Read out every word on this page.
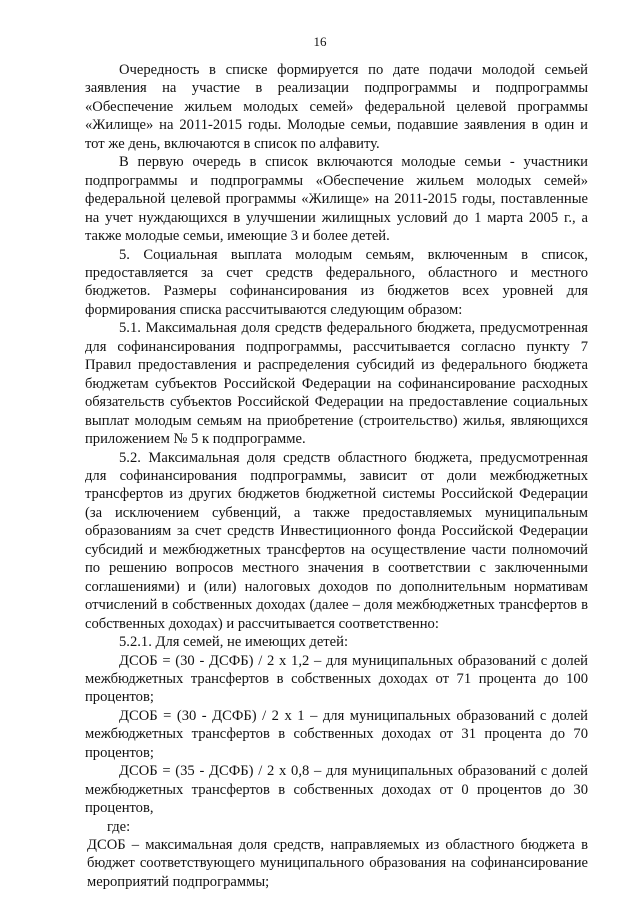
16

Очередность в списке формируется по дате подачи молодой семьей заявления на участие в реализации подпрограммы и подпрограммы «Обеспечение жильем молодых семей» федеральной целевой программы «Жилище» на 2011-2015 годы. Молодые семьи, подавшие заявления в один и тот же день, включаются в список по алфавиту.

В первую очередь в список включаются молодые семьи - участники подпрограммы и подпрограммы «Обеспечение жильем молодых семей» федеральной целевой программы «Жилище» на 2011-2015 годы, поставленные на учет нуждающихся в улучшении жилищных условий до 1 марта 2005 г., а также молодые семьи, имеющие 3 и более детей.

5. Социальная выплата молодым семьям, включенным в список, предоставляется за счет средств федерального, областного и местного бюджетов. Размеры софинансирования из бюджетов всех уровней для формирования списка рассчитываются следующим образом:

5.1. Максимальная доля средств федерального бюджета, предусмотренная для софинансирования подпрограммы, рассчитывается согласно пункту 7 Правил предоставления и распределения субсидий из федерального бюджета бюджетам субъектов Российской Федерации на софинансирование расходных обязательств субъектов Российской Федерации на предоставление социальных выплат молодым семьям на приобретение (строительство) жилья, являющихся приложением № 5 к подпрограмме.

5.2. Максимальная доля средств областного бюджета, предусмотренная для софинансирования подпрограммы, зависит от доли межбюджетных трансфертов из других бюджетов бюджетной системы Российской Федерации (за исключением субвенций, а также предоставляемых муниципальным образованиям за счет средств Инвестиционного фонда Российской Федерации субсидий и межбюджетных трансфертов на осуществление части полномочий по решению вопросов местного значения в соответствии с заключенными соглашениями) и (или) налоговых доходов по дополнительным нормативам отчислений в собственных доходах (далее – доля межбюджетных трансфертов в собственных доходах) и рассчитывается соответственно:

5.2.1. Для семей, не имеющих детей:

ДСОБ = (30 - ДСФБ) / 2 х 1,2 – для муниципальных образований с долей межбюджетных трансфертов в собственных доходах от 71 процента до 100 процентов;

ДСОБ = (30 - ДСФБ) / 2 х 1 – для муниципальных образований с долей межбюджетных трансфертов в собственных доходах от 31 процента до 70 процентов;

ДСОБ = (35 - ДСФБ) / 2 х 0,8 – для муниципальных образований с долей межбюджетных трансфертов в собственных доходах от 0 процентов до 30 процентов,

где:

ДСОБ – максимальная доля средств, направляемых из областного бюджета в бюджет соответствующего муниципального образования на софинансирование мероприятий подпрограммы;
